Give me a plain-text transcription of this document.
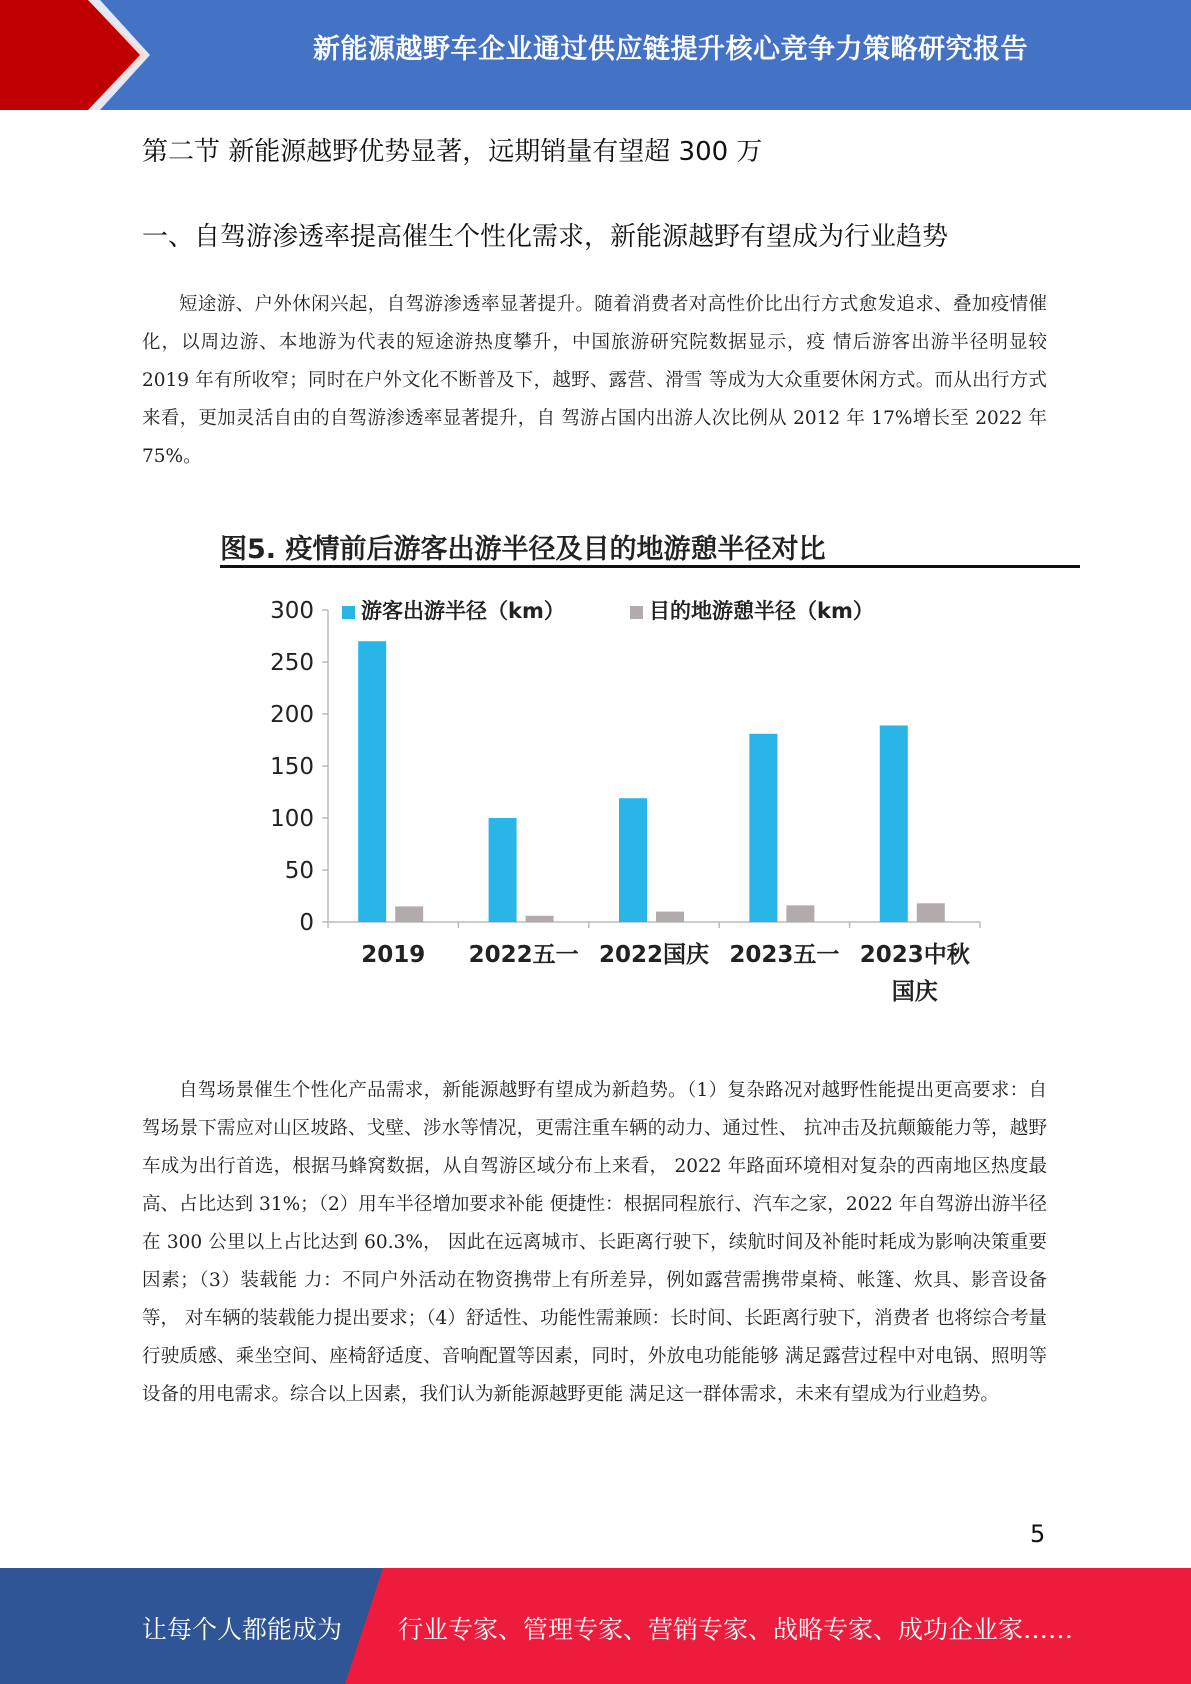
新能源越野车企业通过供应链提升核心竞争力策略研究报告
第二节 新能源越野优势显著，远期销量有望超 300 万
一、自驾游渗透率提高催生个性化需求，新能源越野有望成为行业趋势

短途游、户外休闲兴起，自驾游渗透率显著提升。随着消费者对高性价比出行方式愈发追求、叠加疫情催化，以周边游、本地游为代表的短途游热度攀升，中国旅游研究院数据显示，疫 情后游客出游半径明显较 2019 年有所收窄；同时在户外文化不断普及下，越野、露营、滑雪 等成为大众重要休闲方式。而从出行方式来看，更加灵活自由的自驾游渗透率显著提升，自 驾游占国内出游人次比例从 2012 年 17%增长至 2022 年 75%。

图5. 疫情前后游客出游半径及目的地游憩半径对比
游客出游半径（km）	目的地游憩半径（km）
300
250
200
150
100
50
0
2019 2022五一 2022国庆 2023五一 2023中秋
国庆

自驾场景催生个性化产品需求，新能源越野有望成为新趋势。（1）复杂路况对越野性能提出更高要求：自驾场景下需应对山区坡路、戈壁、涉水等情况，更需注重车辆的动力、通过性、 抗冲击及抗颠簸能力等，越野车成为出行首选，根据马蜂窝数据，从自驾游区域分布上来看， 2022 年路面环境相对复杂的西南地区热度最高、占比达到 31%；（2）用车半径增加要求补能 便捷性：根据同程旅行、汽车之家，2022 年自驾游出游半径在 300 公里以上占比达到 60.3%， 因此在远离城市、长距离行驶下，续航时间及补能时耗成为影响决策重要因素；（3）装载能 力：不同户外活动在物资携带上有所差异，例如露营需携带桌椅、帐篷、炊具、影音设备等， 对车辆的装载能力提出要求；（4）舒适性、功能性需兼顾：长时间、长距离行驶下，消费者 也将综合考量行驶质感、乘坐空间、座椅舒适度、音响配置等因素，同时，外放电功能能够 满足露营过程中对电锅、照明等设备的用电需求。综合以上因素，我们认为新能源越野更能 满足这一群体需求，未来有望成为行业趋势。

5
让每个人都能成为 行业专家、管理专家、营销专家、战略专家、成功企业家……
